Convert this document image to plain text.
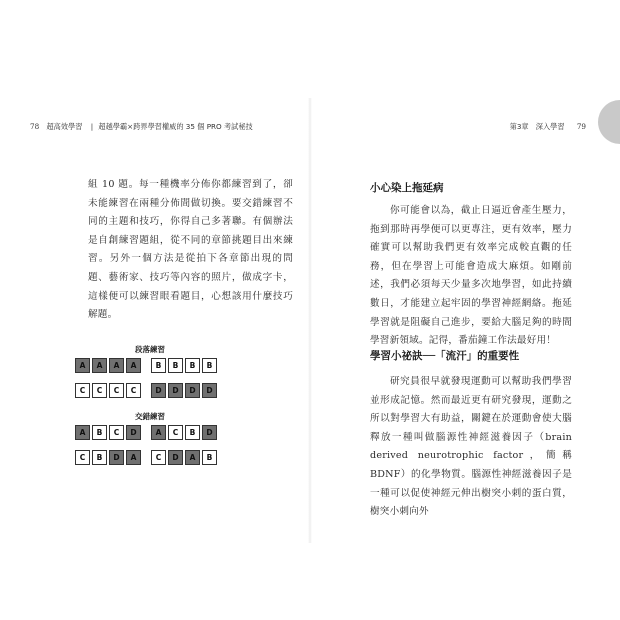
78 超高效學習 | 超越學霸×跨界學習權威的 35 個 PRO 考試秘技	第3章　深入學習 79

組 10 題。每一種機率分佈你都練習到了，卻未能練習在兩種分佈間做切換。要交錯練習不同的主題和技巧，你得自己多著聯。有個辦法是自創練習題組，從不同的章節挑題目出來練習。另外一個方法是從拍下各章節出現的問題、藝術家、技巧等內容的照片，做成字卡，這樣便可以練習眼看題目，心想該用什麼技巧解題。

段落練習
交錯練習
A	A	A	A	B	B	B	B
C	C	C	C	D	D	D	D
A	B	C	D	A	C	B	D
C	B	D	A	C	D	A	B
小心染上拖延病

你可能會以為，截止日逼近會產生壓力，拖到那時再學便可以更專注，更有效率，壓力確實可以幫助我們更有效率完成較直觀的任務，但在學習上可能會造成大麻煩。如剛前述，我們必須每天少量多次地學習，如此持續數日，才能建立起牢固的學習神經網絡。拖延學習就是阻礙自己進步，要給大腦足夠的時間學習新領域。記得，番茄鐘工作法最好用！

學習小祕訣──「流汗」的重要性

研究員很早就發現運動可以幫助我們學習並形成記憶。然而最近更有研究發現，運動之所以對學習大有助益，關鍵在於運動會使大腦釋放一種叫做腦源性神經滋養因子（brain derived neurotrophic factor，簡稱 BDNF）的化學物質。腦源性神經滋養因子是一種可以促使神經元伸出樹突小刺的蛋白質，樹突小刺向外
